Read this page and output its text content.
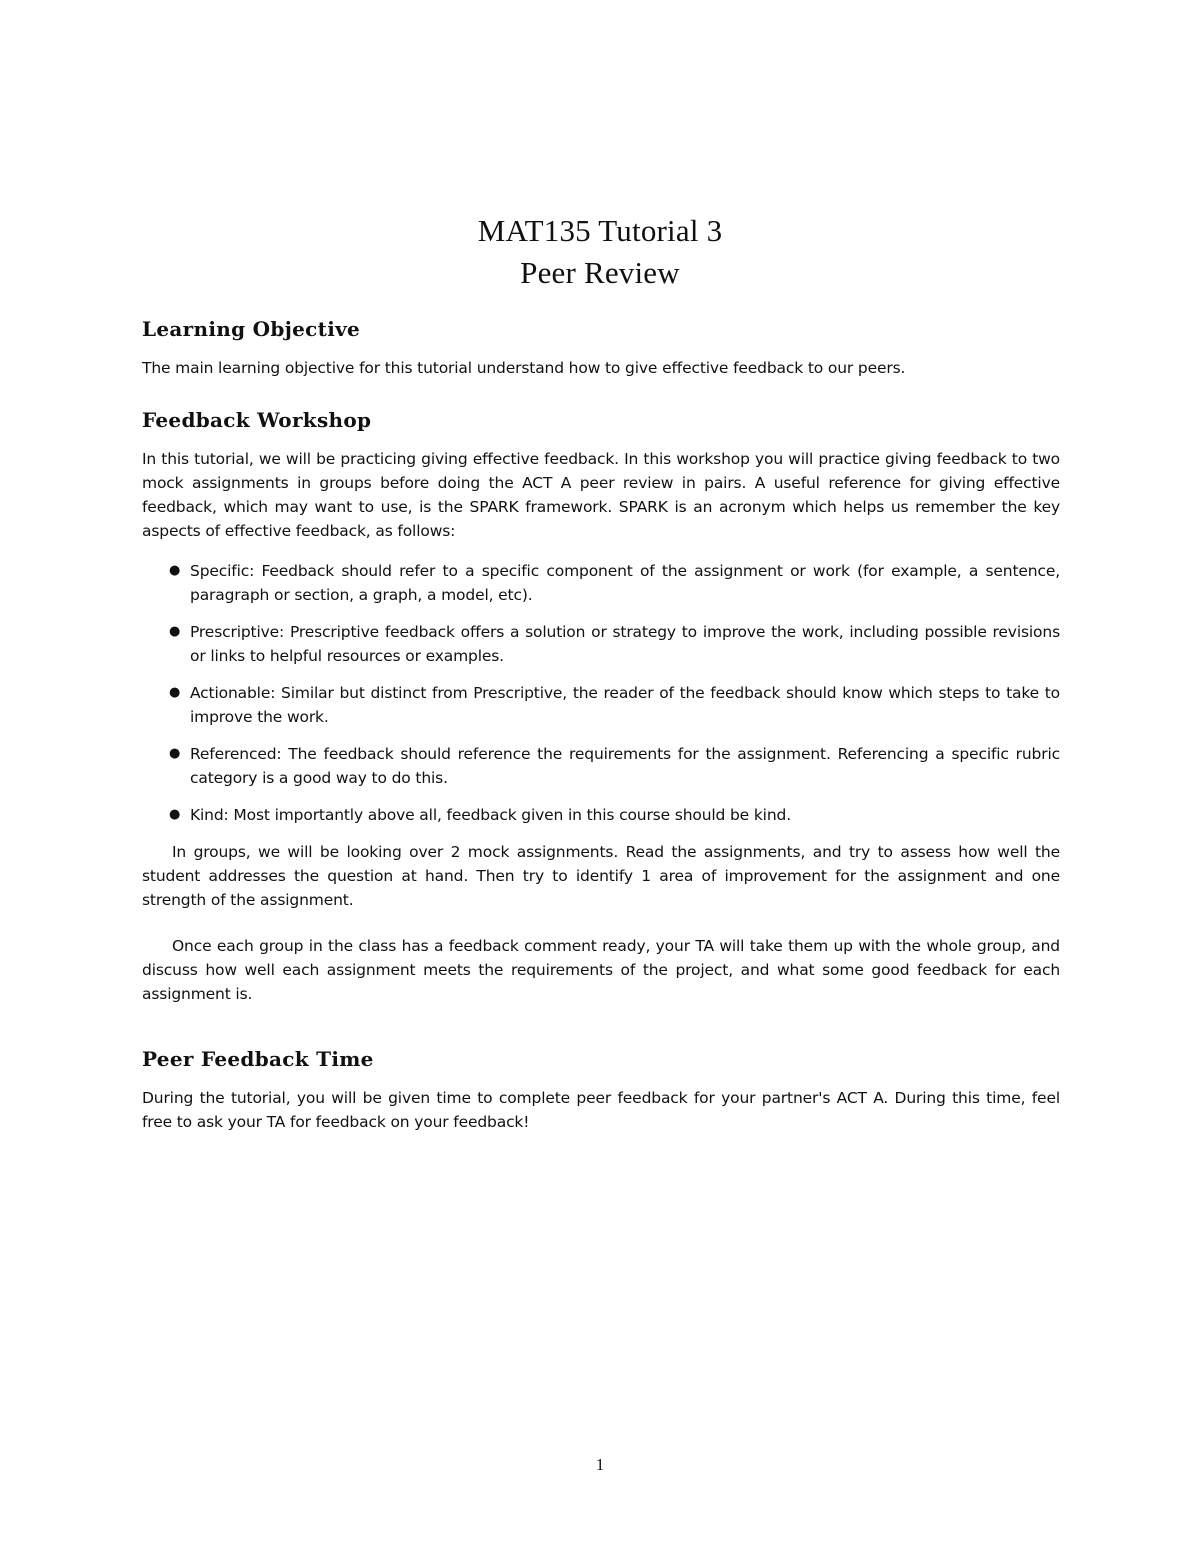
MAT135 Tutorial 3
Peer Review
Learning Objective

The main learning objective for this tutorial understand how to give effective feedback to our peers.

Feedback Workshop

In this tutorial, we will be practicing giving effective feedback. In this workshop you will practice giving feedback to two mock assignments in groups before doing the ACT A peer review in pairs. A useful reference for giving effective feedback, which may want to use, is the SPARK framework. SPARK is an acronym which helps us remember the key aspects of effective feedback, as follows:

● Specific: Feedback should refer to a specific component of the assignment or work (for example, a sentence, paragraph or section, a graph, a model, etc).
● Prescriptive: Prescriptive feedback offers a solution or strategy to improve the work, including possible revisions or links to helpful resources or examples.
● Actionable: Similar but distinct from Prescriptive, the reader of the feedback should know which steps to take to improve the work.
● Referenced: The feedback should reference the requirements for the assignment. Referencing a specific rubric category is a good way to do this.
● Kind: Most importantly above all, feedback given in this course should be kind.

In groups, we will be looking over 2 mock assignments. Read the assignments, and try to assess how well the student addresses the question at hand. Then try to identify 1 area of improvement for the assignment and one strength of the assignment.

Once each group in the class has a feedback comment ready, your TA will take them up with the whole group, and discuss how well each assignment meets the requirements of the project, and what some good feedback for each assignment is.

Peer Feedback Time

During the tutorial, you will be given time to complete peer feedback for your partner's ACT A. During this time, feel free to ask your TA for feedback on your feedback!

1
